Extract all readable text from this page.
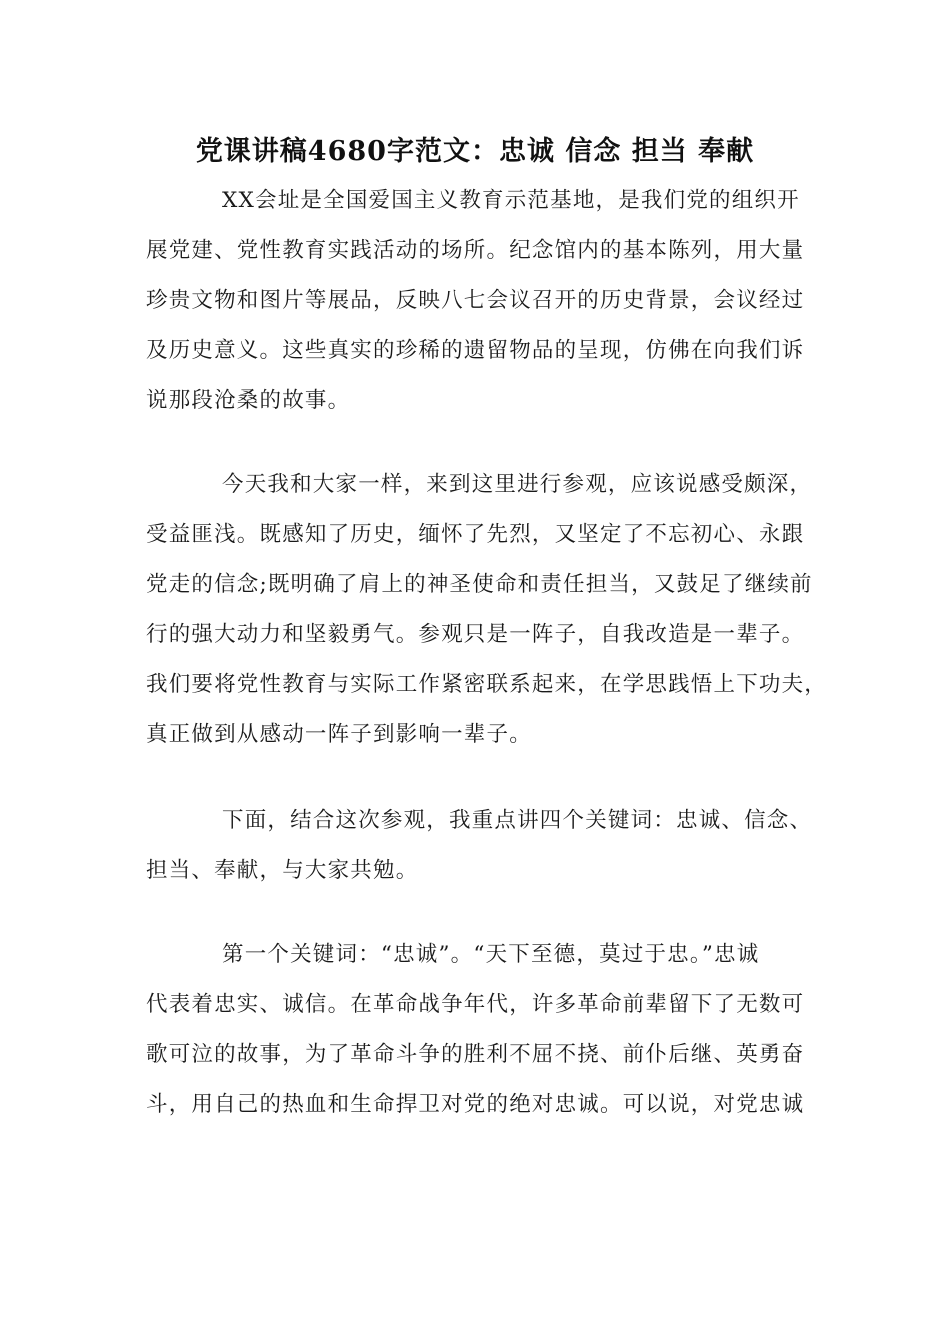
党课讲稿4680字范文：忠诚 信念 担当 奉献
XX会址是全国爱国主义教育示范基地，是我们党的组织开
展党建、党性教育实践活动的场所。纪念馆内的基本陈列，用大量
珍贵文物和图片等展品，反映八七会议召开的历史背景，会议经过
及历史意义。这些真实的珍稀的遗留物品的呈现，仿佛在向我们诉
说那段沧桑的故事。
今天我和大家一样，来到这里进行参观，应该说感受颇深，
受益匪浅。既感知了历史，缅怀了先烈，又坚定了不忘初心、永跟
党走的信念;既明确了肩上的神圣使命和责任担当，又鼓足了继续前
行的强大动力和坚毅勇气。参观只是一阵子，自我改造是一辈子。
我们要将党性教育与实际工作紧密联系起来，在学思践悟上下功夫，
真正做到从感动一阵子到影响一辈子。
下面，结合这次参观，我重点讲四个关键词：忠诚、信念、
担当、奉献，与大家共勉。
第一个关键词：“忠诚”。“天下至德，莫过于忠。”忠诚
代表着忠实、诚信。在革命战争年代，许多革命前辈留下了无数可
歌可泣的故事，为了革命斗争的胜利不屈不挠、前仆后继、英勇奋
斗，用自己的热血和生命捍卫对党的绝对忠诚。可以说，对党忠诚
